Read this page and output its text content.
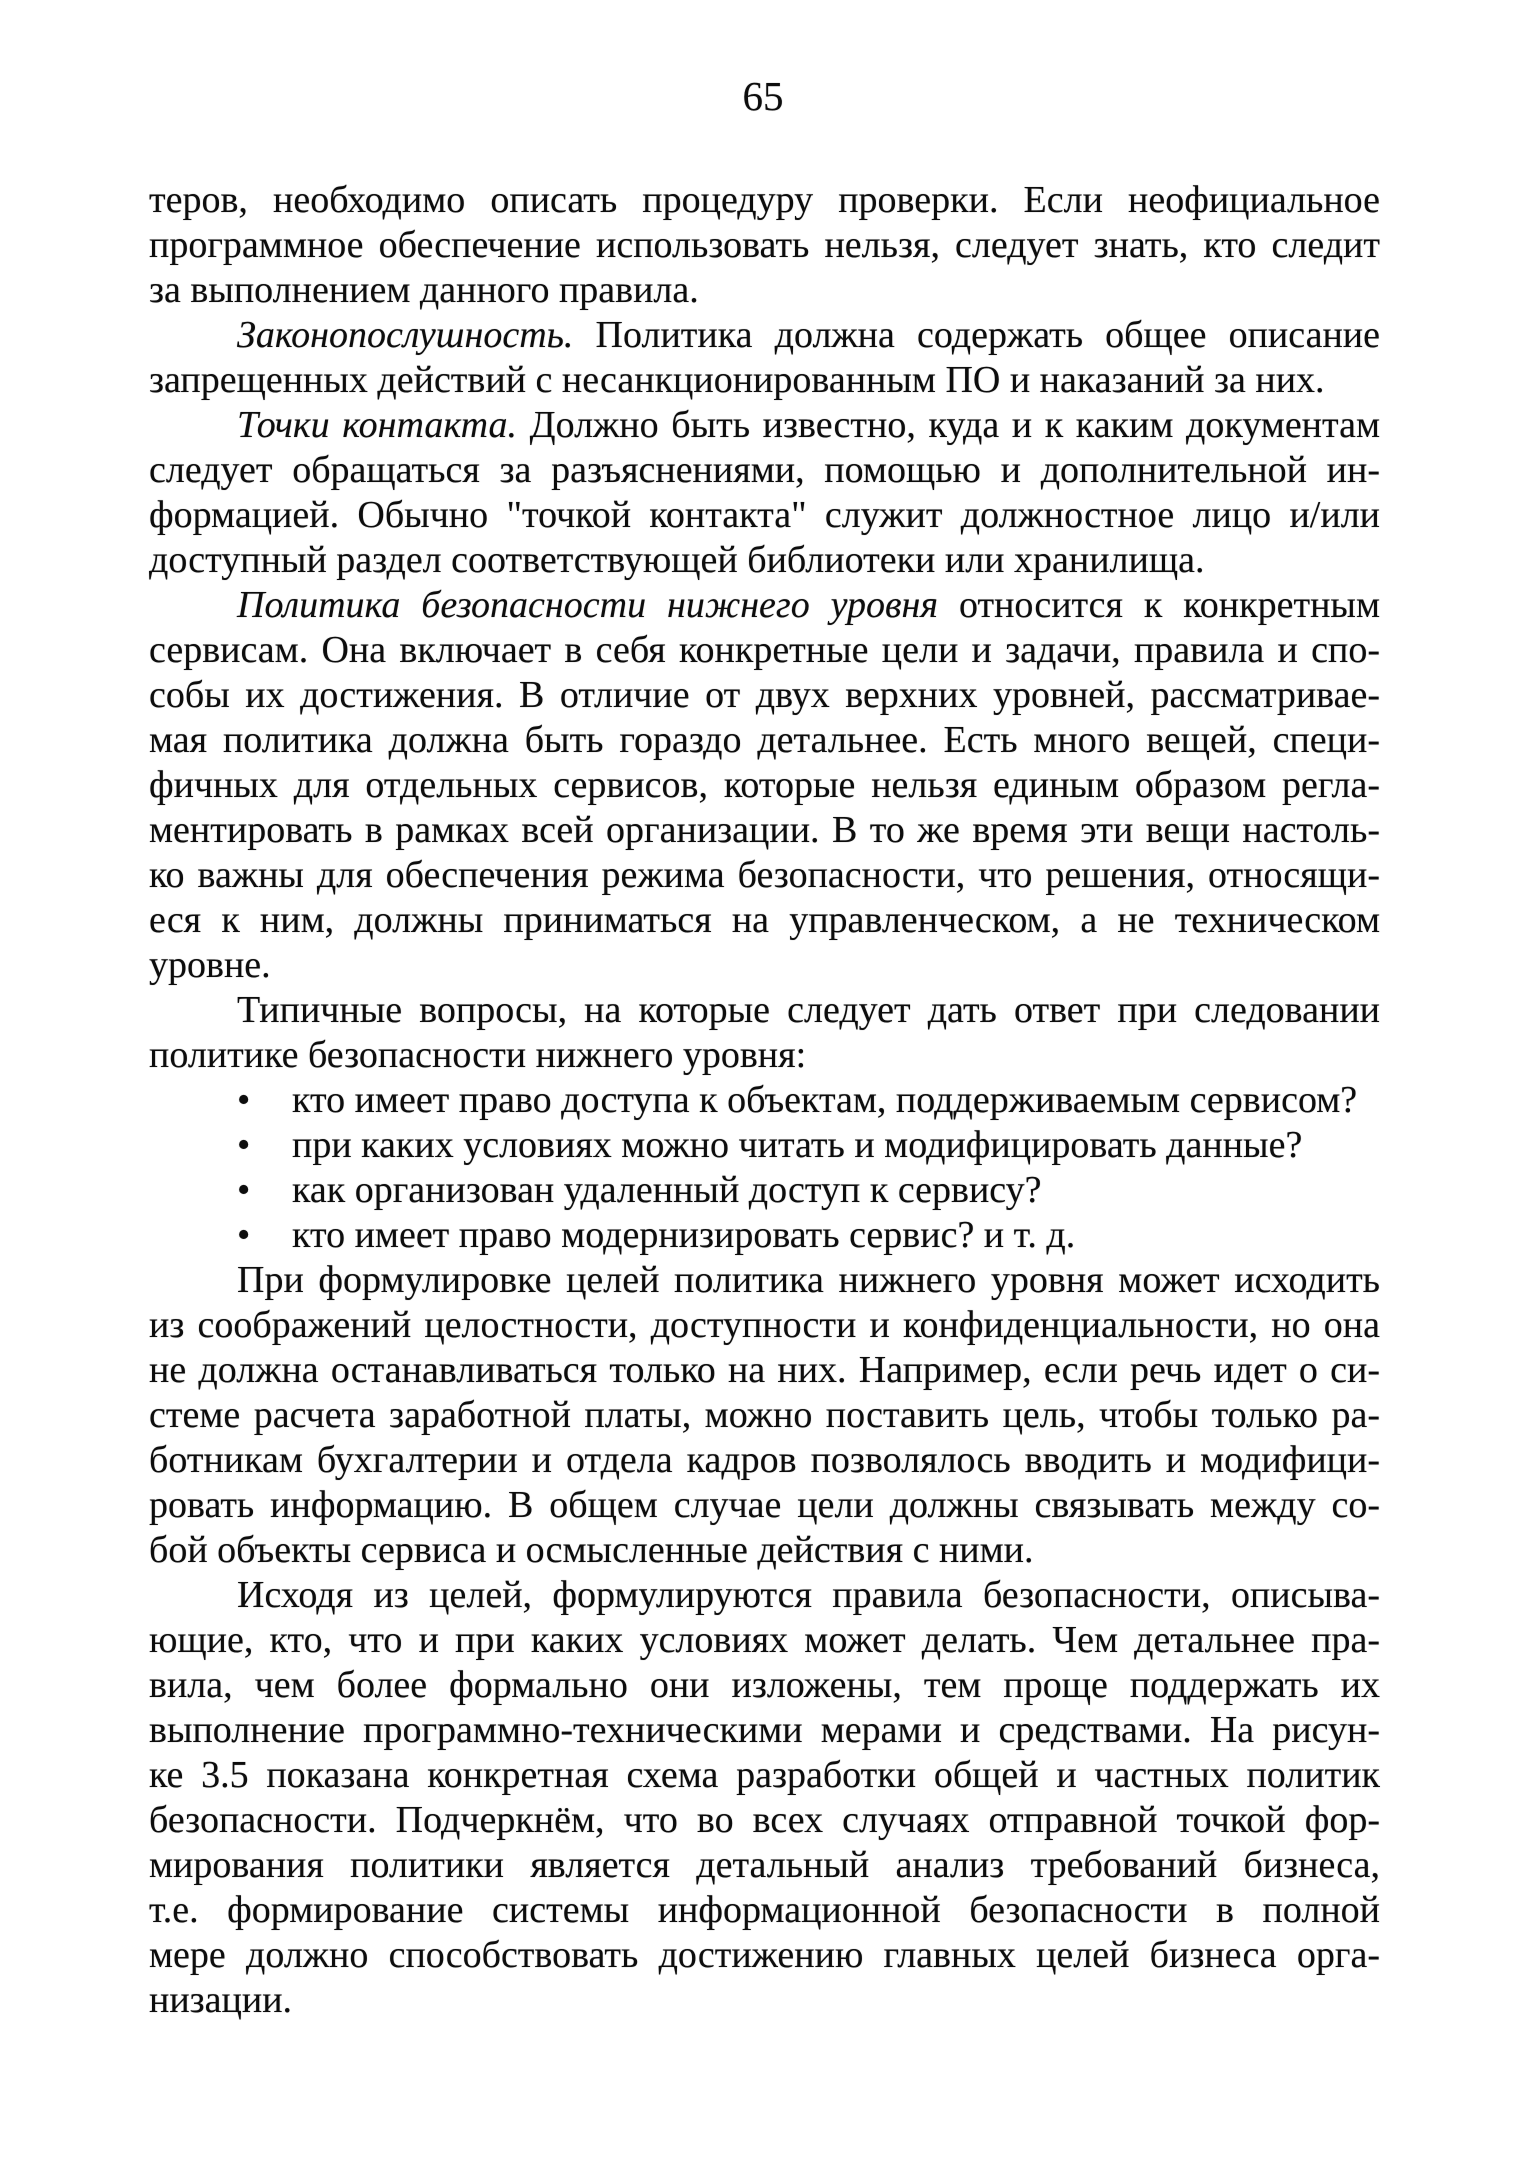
65
теров, необходимо описать процедуру проверки. Если неофициальное
программное обеспечение использовать нельзя, следует знать, кто следит
за выполнением данного правила.
Законопослушность. Политика должна содержать общее описание
запрещенных действий с несанкционированным ПО и наказаний за них.
Точки контакта. Должно быть известно, куда и к каким документам
следует обращаться за разъяснениями, помощью и дополнительной ин-
формацией. Обычно "точкой контакта" служит должностное лицо и/или
доступный раздел соответствующей библиотеки или хранилища.
Политика безопасности нижнего уровня относится к конкретным
сервисам. Она включает в себя конкретные цели и задачи, правила и спо-
собы их достижения. В отличие от двух верхних уровней, рассматривае-
мая политика должна быть гораздо детальнее. Есть много вещей, специ-
фичных для отдельных сервисов, которые нельзя единым образом регла-
ментировать в рамках всей организации. В то же время эти вещи настоль-
ко важны для обеспечения режима безопасности, что решения, относящи-
еся к ним, должны приниматься на управленческом, а не техническом
уровне.
Типичные вопросы, на которые следует дать ответ при следовании
политике безопасности нижнего уровня:
•	кто имеет право доступа к объектам, поддерживаемым сервисом?
•	при каких условиях можно читать и модифицировать данные?
•	как организован удаленный доступ к сервису?
•	кто имеет право модернизировать сервис? и т. д.
При формулировке целей политика нижнего уровня может исходить
из соображений целостности, доступности и конфиденциальности, но она
не должна останавливаться только на них. Например, если речь идет о си-
стеме расчета заработной платы, можно поставить цель, чтобы только ра-
ботникам бухгалтерии и отдела кадров позволялось вводить и модифици-
ровать информацию. В общем случае цели должны связывать между со-
бой объекты сервиса и осмысленные действия с ними.
Исходя из целей, формулируются правила безопасности, описыва-
ющие, кто, что и при каких условиях может делать. Чем детальнее пра-
вила, чем более формально они изложены, тем проще поддержать их
выполнение программно-техническими мерами и средствами. На рисун-
ке 3.5 показана конкретная схема разработки общей и частных политик
безопасности. Подчеркнём, что во всех случаях отправной точкой фор-
мирования политики является детальный анализ требований бизнеса,
т.е. формирование системы информационной безопасности в полной
мере должно способствовать достижению главных целей бизнеса орга-
низации.
